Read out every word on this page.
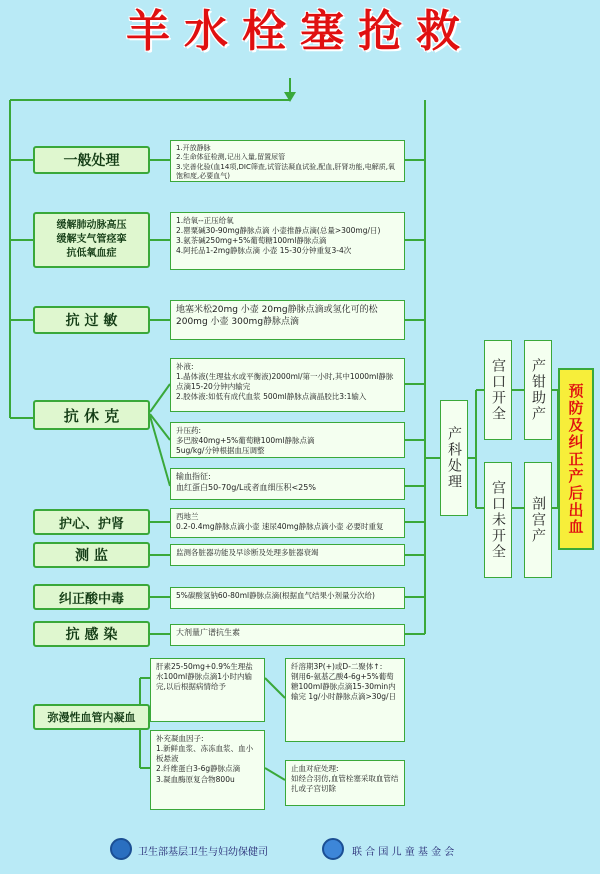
羊水栓塞抢救
一般处理
缓解肺动脉高压
缓解支气管痉挛
抗低氧血症
抗 过 敏
抗 休 克
护心、护肾
测 监
纠正酸中毒
抗 感 染
弥漫性血管内凝血
1.开放静脉
2.生命体征检测,记出入量,留置尿管
3.完善化验(血14项,DIC筛查,试管法凝血试验,配血,肝肾功能,电解质,氧饱和度,必要血气)
1.给氧--正压给氧
2.罂粟碱30-90mg静脉点滴 小壶推静点滴(总量>300mg/日)
3.氨茶碱250mg+5%葡萄糖100ml静脉点滴
4.阿托品1-2mg静脉点滴 小壶 15-30分钟重复3-4次
地塞米松20mg 小壶 20mg静脉点滴或氢化可的松200mg 小壶 300mg静脉点滴
补液:
1.晶体液(生理盐水或平衡液)2000ml/第一小时,其中1000ml静脉点滴15-20分钟内输完
2.胶体液:如低有成代血浆 500ml静脉点滴晶胶比3:1输入
升压药:
多巴胺40mg+5%葡萄糖100ml静脉点滴
5ug/kg/分钟根据血压调整
输血指征:
血红蛋白50-70g/L或者血细压积<25%
西地兰
0.2-0.4mg静脉点滴小壶 速尿40mg静脉点滴小壶 必要时重复
监测各脏器功能及早诊断及处理多脏器衰竭
5%碳酸氢钠60-80ml静脉点滴(根据血气结果小剂量分次给)
大剂量广谱抗生素
肝素25-50mg+0.9%生理盐水100ml静脉点滴1小时内输完,以后根据病情给予
纤溶期3P(+)或D-二聚体↑:
钢用6-氨基乙酸4-6g+5%葡萄糖100ml静脉点滴15-30min内输完 1g/小时静脉点滴>30g/日
补充凝血因子:
1.新鲜血浆、冻冻血浆、血小板悬液
2.纤维蛋白3-6g静脉点滴
3.凝血酶原复合物800u
止血对症处理:
如经合羽仿,血管栓塞采取血管结扎或子宫切除
产科处理
宫口开全
宫口未开全
产钳助产
剖宫产	预防及纠正产后出血
卫生部基层卫生与妇幼保健司	联 合 国 儿 童 基 金 会
